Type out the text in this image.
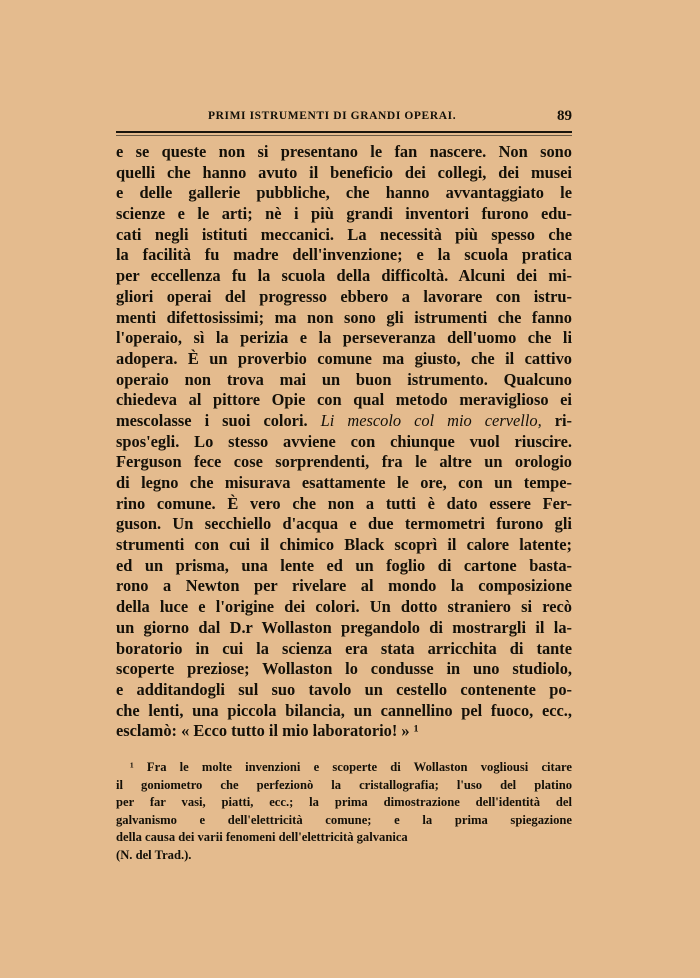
PRIMI ISTRUMENTI DI GRANDI OPERAI.	89
e se queste non si presentano le fan nascere. Non sono
quelli che hanno avuto il beneficio dei collegi, dei musei
e delle gallerie pubbliche, che hanno avvantaggiato le
scienze e le arti; nè i più grandi inventori furono edu-
cati negli istituti meccanici. La necessità più spesso che
la facilità fu madre dell'invenzione; e la scuola pratica
per eccellenza fu la scuola della difficoltà. Alcuni dei mi-
gliori operai del progresso ebbero a lavorare con istru-
menti difettosissimi; ma non sono gli istrumenti che fanno
l'operaio, sì la perizia e la perseveranza dell'uomo che li
adopera. È un proverbio comune ma giusto, che il cattivo
operaio non trova mai un buon istrumento. Qualcuno
chiedeva al pittore Opie con qual metodo meraviglioso ei
mescolasse i suoi colori. Li mescolo col mio cervello, ri-
spos'egli. Lo stesso avviene con chiunque vuol riuscire.
Ferguson fece cose sorprendenti, fra le altre un orologio
di legno che misurava esattamente le ore, con un tempe-
rino comune. È vero che non a tutti è dato essere Fer-
guson. Un secchiello d'acqua e due termometri furono gli
strumenti con cui il chimico Black scoprì il calore latente;
ed un prisma, una lente ed un foglio di cartone basta-
rono a Newton per rivelare al mondo la composizione
della luce e l'origine dei colori. Un dotto straniero si recò
un giorno dal D.r Wollaston pregandolo di mostrargli il la-
boratorio in cui la scienza era stata arricchita di tante
scoperte preziose; Wollaston lo condusse in uno studiolo,
e additandogli sul suo tavolo un cestello contenente po-
che lenti, una piccola bilancia, un cannellino pel fuoco, ecc.,
esclamò: « Ecco tutto il mio laboratorio! » ¹
¹ Fra le molte invenzioni e scoperte di Wollaston vogliousi citare
il goniometro che perfezionò la cristallografia; l'uso del platino
per far vasi, piatti, ecc.; la prima dimostrazione dell'identità del
galvanismo e dell'elettricità comune; e la prima spiegazione
della causa dei varii fenomeni dell'elettricità galvanica
(N. del Trad.).
